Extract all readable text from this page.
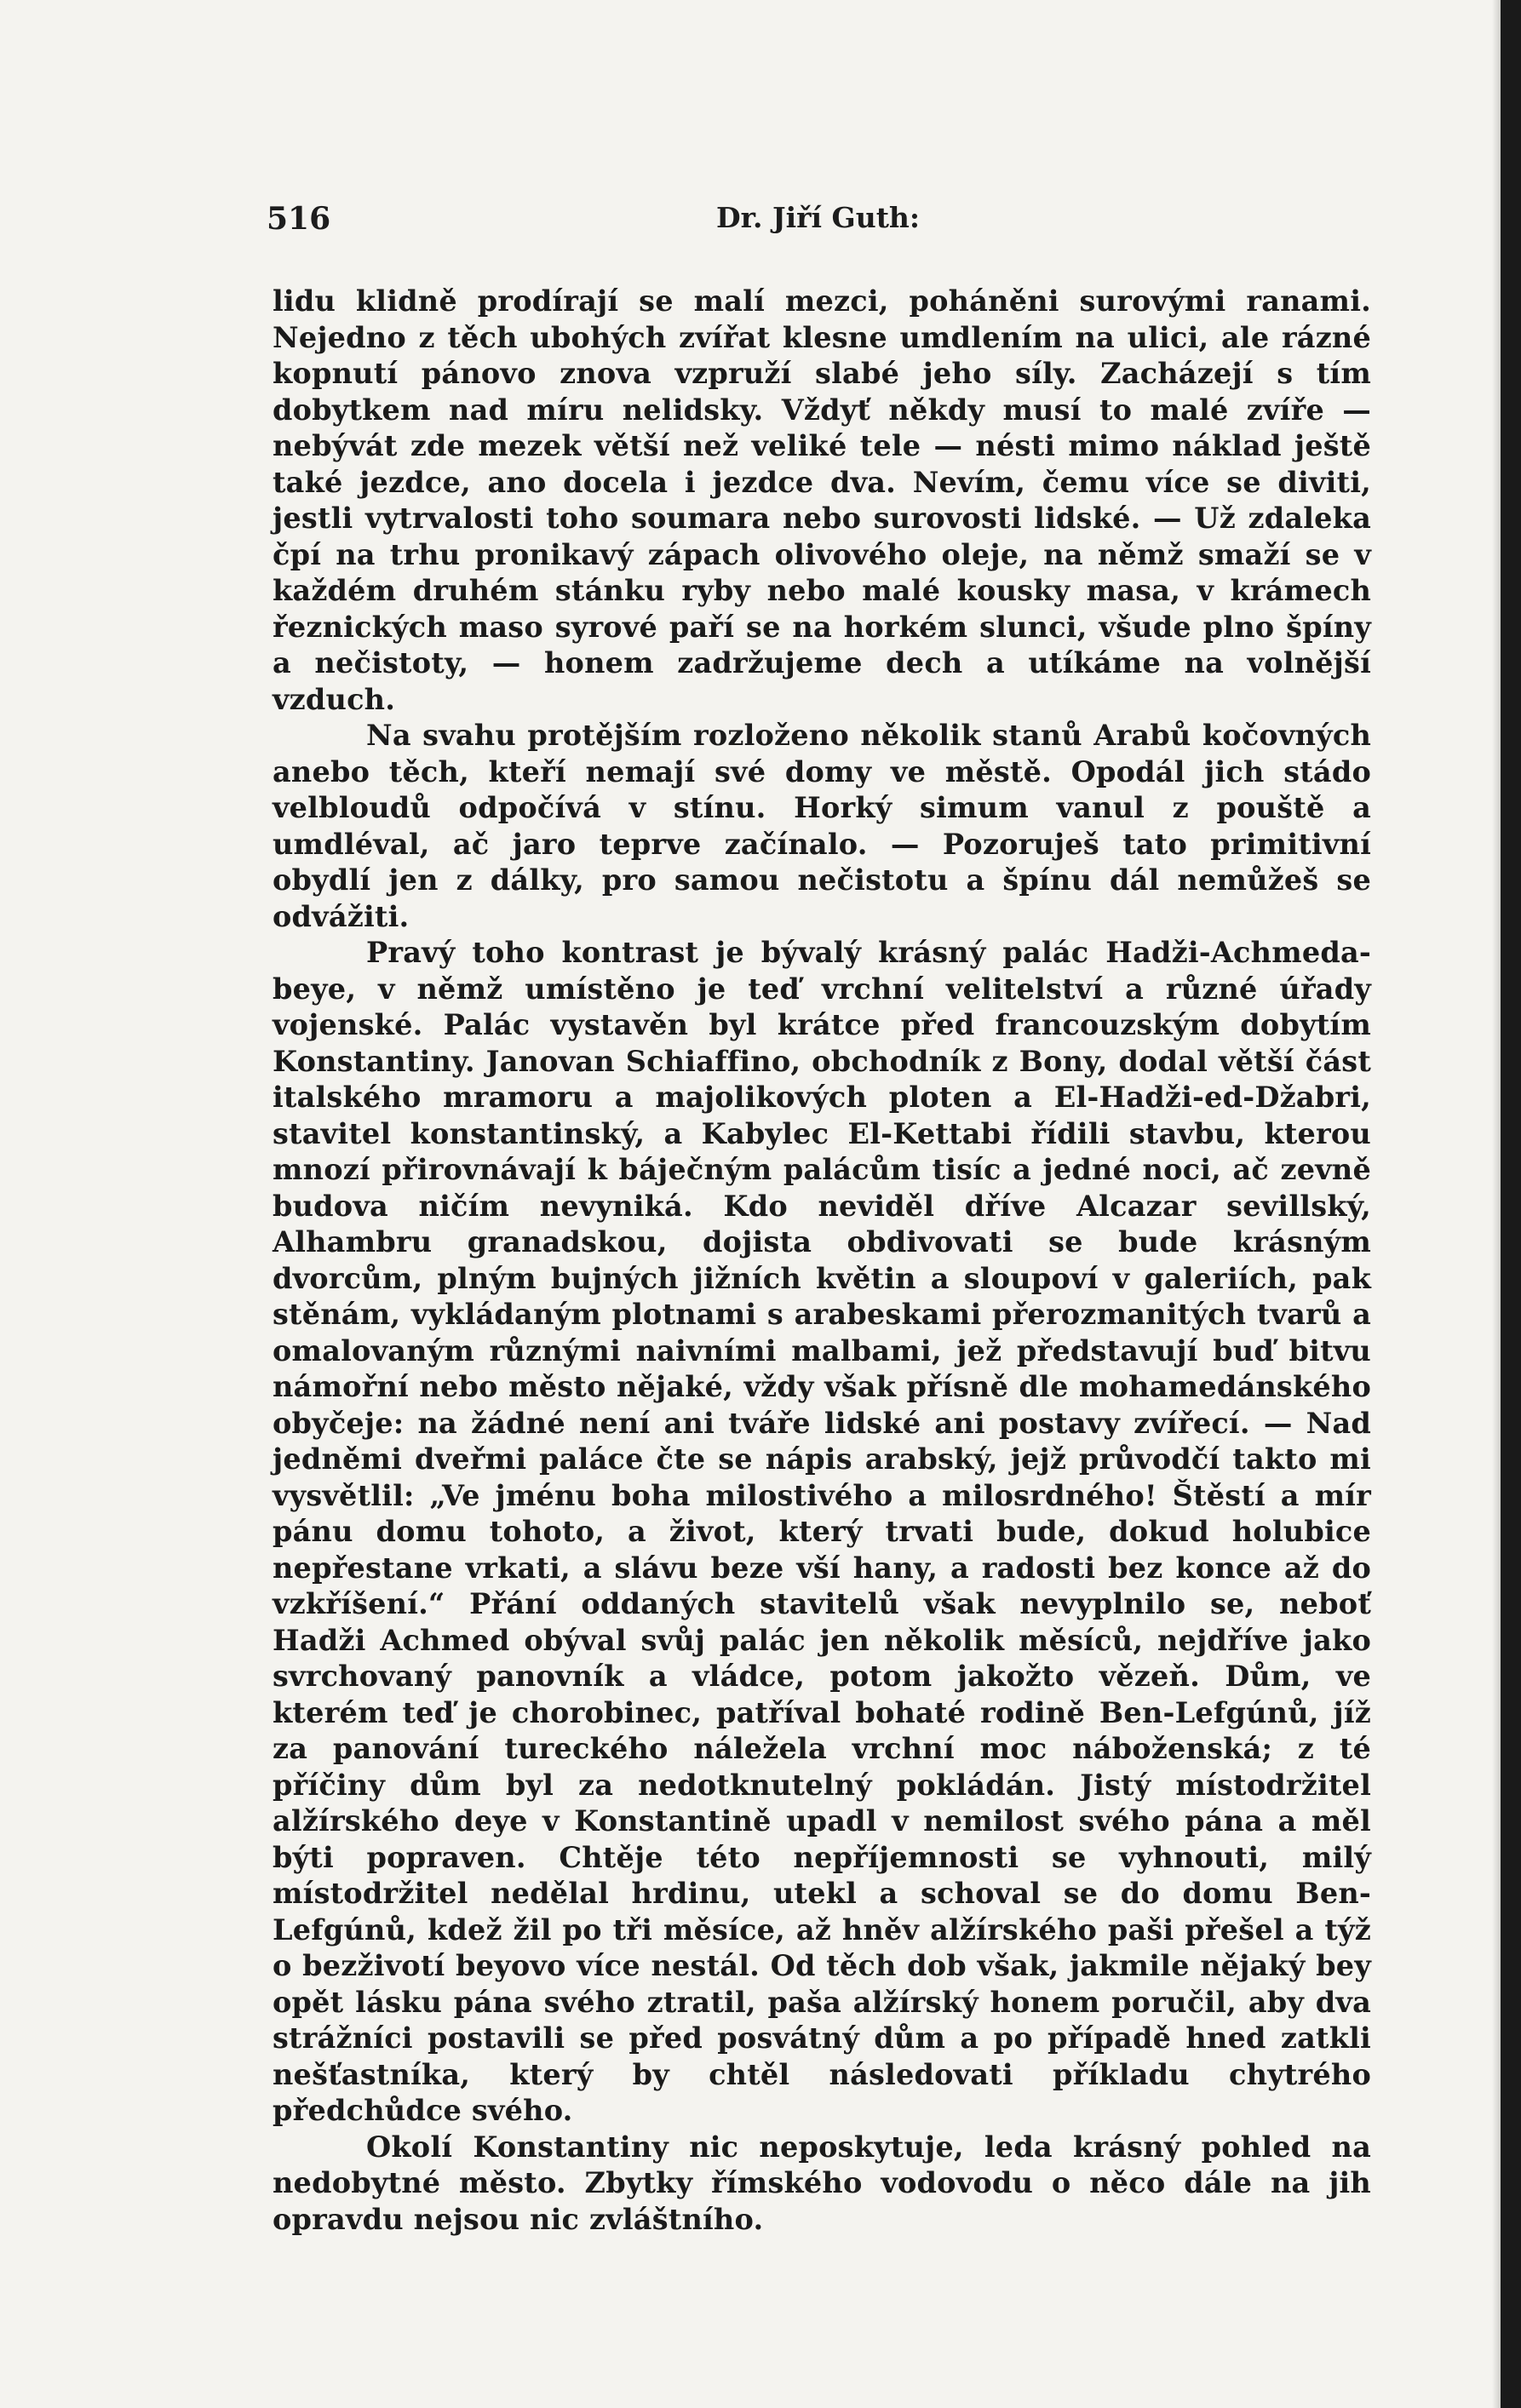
516	Dr. Jiří Guth:

lidu klidně prodírají se malí mezci, poháněni surovými ranami. Nejedno z těch ubohých zvířat klesne umdlením na ulici, ale rázné kopnutí pánovo znova vzpruží slabé jeho síly. Zacházejí s tím dobytkem nad míru nelidsky. Vždyť někdy musí to malé zvíře — nebývát zde mezek větší než veliké tele — nésti mimo náklad ještě také jezdce, ano docela i jezdce dva. Nevím, čemu více se diviti, jestli vytrvalosti toho soumara nebo surovosti lidské. — Už zdaleka čpí na trhu pronikavý zápach olivového oleje, na němž smaží se v každém druhém stánku ryby nebo malé kousky masa, v krámech řeznických maso syrové paří se na horkém slunci, všude plno špíny a nečistoty, — honem zadržujeme dech a utíkáme na volnější vzduch.

Na svahu protějším rozloženo několik stanů Arabů kočovných anebo těch, kteří nemají své domy ve městě. Opodál jich stádo velbloudů odpočívá v stínu. Horký simum vanul z pouště a umdléval, ač jaro teprve začínalo. — Pozoruješ tato primitivní obydlí jen z dálky, pro samou nečistotu a špínu dál nemůžeš se odvážiti.

Pravý toho kontrast je bývalý krásný palác Hadži-Achmeda-beye, v němž umístěno je teď vrchní velitelství a různé úřady vojenské. Palác vystavěn byl krátce před francouzským dobytím Konstantiny. Janovan Schiaffino, obchodník z Bony, dodal větší část italského mramoru a majolikových ploten a El-Hadži-ed-Džabri, stavitel konstantinský, a Kabylec El-Kettabi řídili stavbu, kterou mnozí přirovnávají k báječným palácům tisíc a jedné noci, ač zevně budova ničím nevyniká. Kdo neviděl dříve Alcazar sevillský, Alhambru granadskou, dojista obdivovati se bude krásným dvorcům, plným bujných jižních květin a sloupoví v galeriích, pak stěnám, vykládaným plotnami s arabeskami přerozmanitých tvarů a omalovaným různými naivními malbami, jež představují buď bitvu námořní nebo město nějaké, vždy však přísně dle mohamedánského obyčeje: na žádné není ani tváře lidské ani postavy zvířecí. — Nad jedněmi dveřmi paláce čte se nápis arabský, jejž průvodčí takto mi vysvětlil: „Ve jménu boha milostivého a milosrdného! Štěstí a mír pánu domu tohoto, a život, který trvati bude, dokud holubice nepřestane vrkati, a slávu beze vší hany, a radosti bez konce až do vzkříšení.“ Přání oddaných stavitelů však nevyplnilo se, neboť Hadži Achmed obýval svůj palác jen několik měsíců, nejdříve jako svrchovaný panovník a vládce, potom jakožto vězeň. Dům, ve kterém teď je chorobinec, patříval bohaté rodině Ben-Lefgúnů, jíž za panování tureckého náležela vrchní moc náboženská; z té příčiny dům byl za nedotknutelný pokládán. Jistý místodržitel alžírského deye v Konstantině upadl v nemilost svého pána a měl býti popraven. Chtěje této nepříjemnosti se vyhnouti, milý místodržitel nedělal hrdinu, utekl a schoval se do domu Ben-Lefgúnů, kdež žil po tři měsíce, až hněv alžírského paši přešel a týž o bezživotí beyovo více nestál. Od těch dob však, jakmile nějaký bey opět lásku pána svého ztratil, paša alžírský honem poručil, aby dva strážníci postavili se před posvátný dům a po případě hned zatkli nešťastníka, který by chtěl následovati příkladu chytrého předchůdce svého.

Okolí Konstantiny nic neposkytuje, leda krásný pohled na nedobytné město. Zbytky římského vodovodu o něco dále na jih opravdu nejsou nic zvláštního.
